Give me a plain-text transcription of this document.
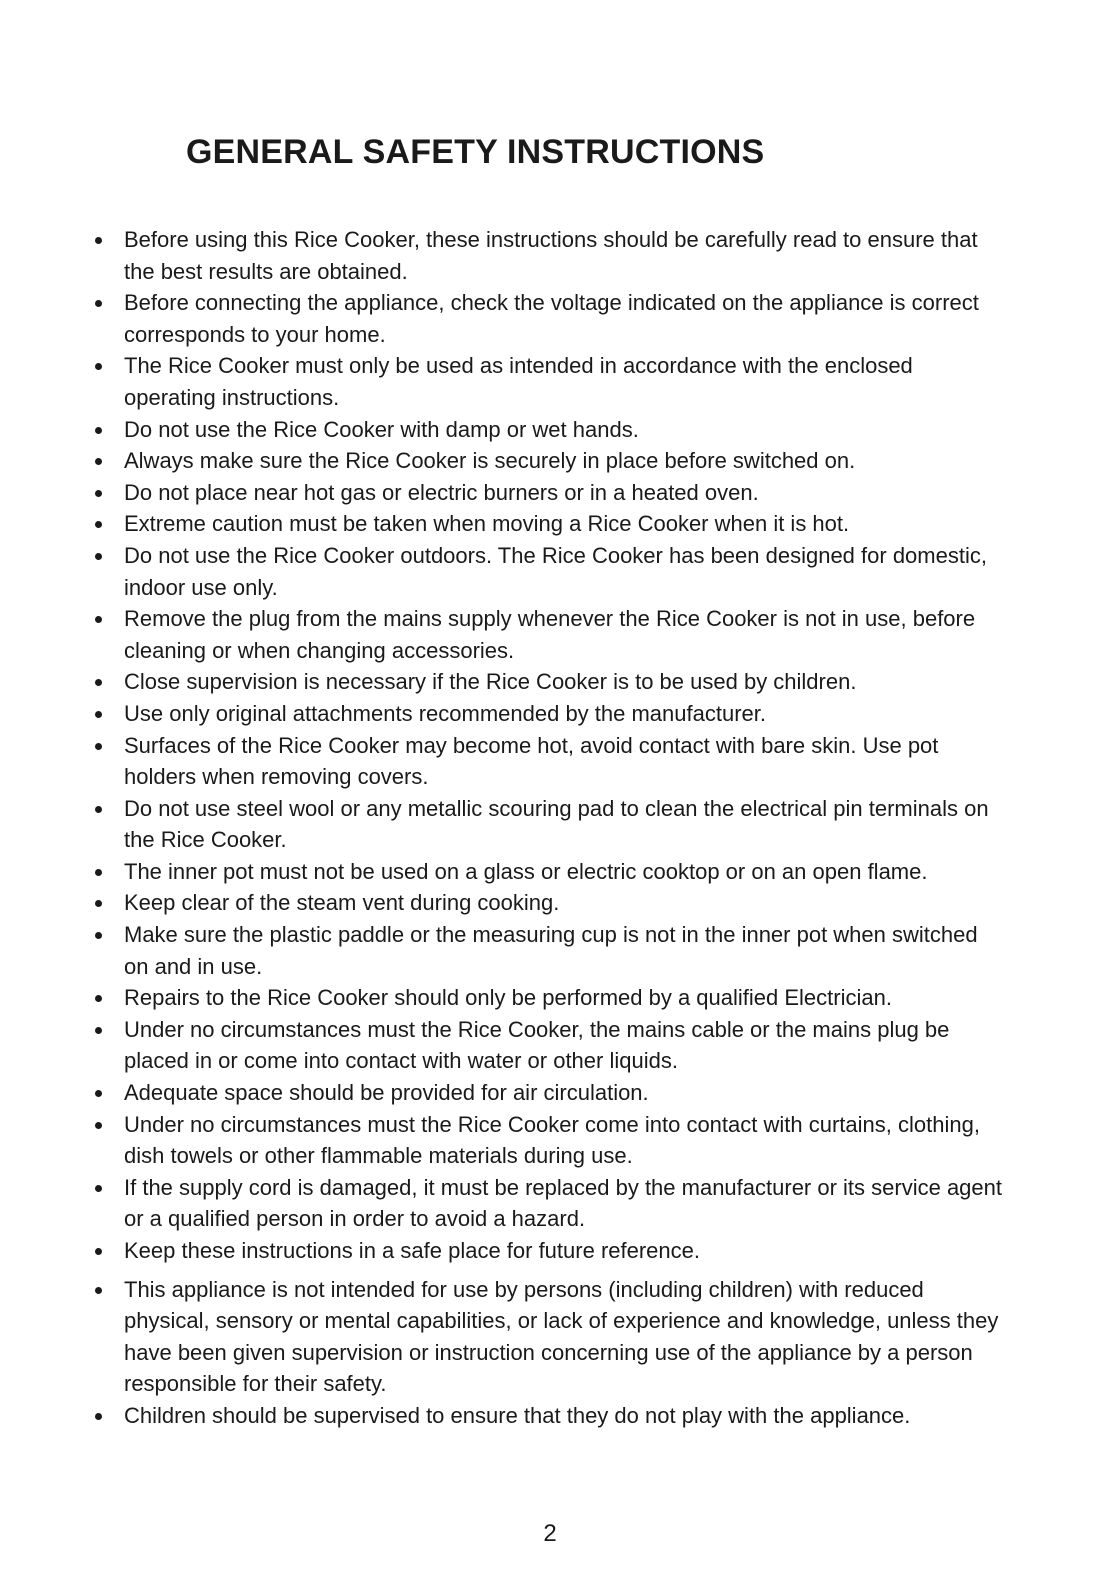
GENERAL SAFETY INSTRUCTIONS
Before using this Rice Cooker, these instructions should be carefully read to ensure that the best results are obtained.
Before connecting the appliance, check the voltage indicated on the appliance is correct corresponds to your home.
The Rice Cooker must only be used as intended in accordance with the enclosed operating instructions.
Do not use the Rice Cooker with damp or wet hands.
Always make sure the Rice Cooker is securely in place before switched on.
Do not place near hot gas or electric burners or in a heated oven.
Extreme caution must be taken when moving a Rice Cooker when it is hot.
Do not use the Rice Cooker outdoors. The Rice Cooker has been designed for domestic, indoor use only.
Remove the plug from the mains supply whenever the Rice Cooker is not in use, before cleaning or when changing accessories.
Close supervision is necessary if the Rice Cooker is to be used by children.
Use only original attachments recommended by the manufacturer.
Surfaces of the Rice Cooker may become hot, avoid contact with bare skin. Use pot holders when removing covers.
Do not use steel wool or any metallic scouring pad to clean the electrical pin terminals on the Rice Cooker.
The inner pot must not be used on a glass or electric cooktop or on an open flame.
Keep clear of the steam vent during cooking.
Make sure the plastic paddle or the measuring cup is not in the inner pot when switched on and in use.
Repairs to the Rice Cooker should only be performed by a qualified Electrician.
Under no circumstances must the Rice Cooker, the mains cable or the mains plug be placed in or come into contact with water or other liquids.
Adequate space should be provided for air circulation.
Under no circumstances must the Rice Cooker come into contact with curtains, clothing, dish towels or other flammable materials during use.
If the supply cord is damaged, it must be replaced by the manufacturer or its service agent or a qualified person in order to avoid a hazard.
Keep these instructions in a safe place for future reference.
This appliance is not intended for use by persons (including children) with reduced physical, sensory or mental capabilities, or lack of experience and knowledge, unless they have been given supervision or instruction concerning use of the appliance by a person responsible for their safety.
Children should be supervised to ensure that they do not play with the appliance.
2
